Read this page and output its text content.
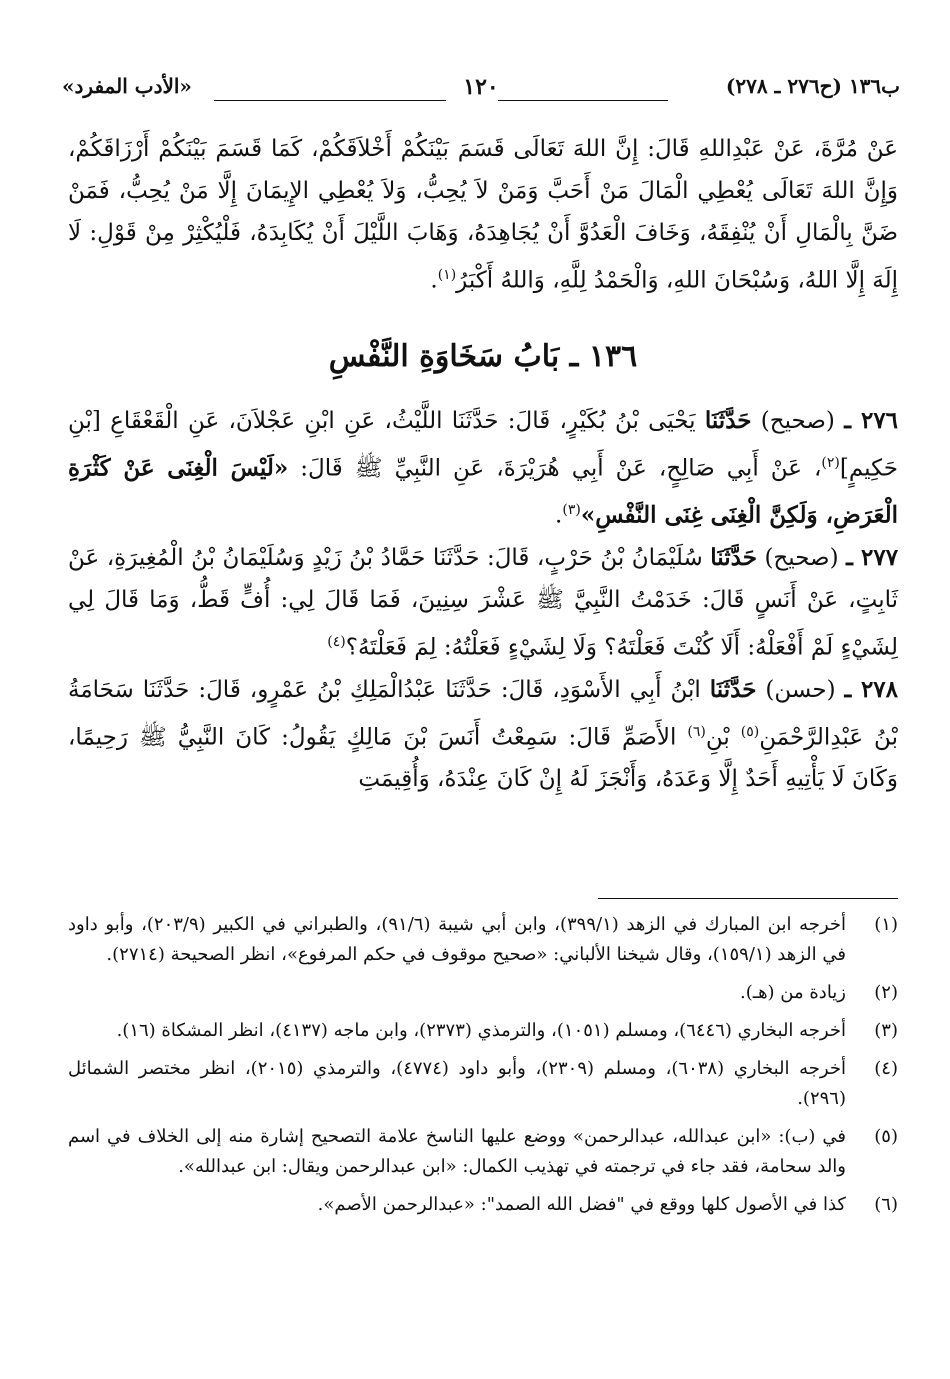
ب١٣٦ (ح٢٧٦ ـ ٢٧٨)
١٢٠
«الأدب المفرد»

عَنْ مُرَّةَ، عَنْ عَبْدِاللهِ قَالَ: إِنَّ اللهَ تَعَالَى قَسَمَ بَيْنَكُمْ أَخْلاَقَكُمْ، كَمَا قَسَمَ بَيْنَكُمْ أَرْزَاقَكُمْ، وَإِنَّ اللهَ تَعَالَى يُعْطِي الْمَالَ مَنْ أَحَبَّ وَمَنْ لاَ يُحِبُّ، وَلاَ يُعْطِي الإِيمَانَ إِلَّا مَنْ يُحِبُّ، فَمَنْ ضَنَّ بِالْمَالِ أَنْ يُنْفِقَهُ، وَخَافَ الْعَدُوَّ أَنْ يُجَاهِدَهُ، وَهَابَ اللَّيْلَ أَنْ يُكَابِدَهُ، فَلْيُكْثِرْ مِنْ قَوْلِ: لَا إِلَهَ إِلَّا اللهُ، وَسُبْحَانَ اللهِ، وَالْحَمْدُ لِلَّهِ، وَاللهُ أَكْبَرُ$^{(١)}$.

١٣٦ ـ بَابُ سَخَاوَةِ النَّفْسِ

٢٧٦ ـ (صحيح) حَدَّثَنَا يَحْيَى بْنُ بُكَيْرٍ، قَالَ: حَدَّثَنَا اللَّيْثُ، عَنِ ابْنِ عَجْلاَنَ، عَنِ الْقَعْقَاعِ [بْنِ حَكِيمٍ]$^{(٢)}$، عَنْ أَبِي صَالِحٍ، عَنْ أَبِي هُرَيْرَةَ، عَنِ النَّبِيِّ ﷺ قَالَ: «لَيْسَ الْغِنَى عَنْ كَثْرَةِ الْعَرَضِ، وَلَكِنَّ الْغِنَى غِنَى النَّفْسِ»$^{(٣)}$.

٢٧٧ ـ (صحيح) حَدَّثَنَا سُلَيْمَانُ بْنُ حَرْبٍ، قَالَ: حَدَّثَنَا حَمَّادُ بْنُ زَيْدٍ وَسُلَيْمَانُ بْنُ الْمُغِيرَةِ، عَنْ ثَابِتٍ، عَنْ أَنَسٍ قَالَ: خَدَمْتُ النَّبِيَّ ﷺ عَشْرَ سِنِينَ، فَمَا قَالَ لِي: أُفٍّ قَطُّ، وَمَا قَالَ لِي لِشَيْءٍ لَمْ أَفْعَلْهُ: أَلَا كُنْتَ فَعَلْتَهُ؟ وَلَا لِشَيْءٍ فَعَلْتُهُ: لِمَ فَعَلْتَهُ؟$^{(٤)}$

٢٧٨ ـ (حسن) حَدَّثَنَا ابْنُ أَبِي الأَسْوَدِ، قَالَ: حَدَّثَنَا عَبْدُالْمَلِكِ بْنُ عَمْرٍو، قَالَ: حَدَّثَنَا سَحَامَةُ بْنُ عَبْدِالرَّحْمَنِ$^{(٥)}$ بْنِ$^{(٦)}$ الأَصَمِّ قَالَ: سَمِعْتُ أَنَسَ بْنَ مَالِكٍ يَقُولُ: كَانَ النَّبِيُّ ﷺ رَحِيمًا، وَكَانَ لَا يَأْتِيهِ أَحَدٌ إِلَّا وَعَدَهُ، وَأَنْجَزَ لَهُ إِنْ كَانَ عِنْدَهُ، وَأُقِيمَتِ

(١)
أخرجه ابن المبارك في الزهد (٣٩٩/١)، وابن أبي شيبة (٩١/٦)، والطبراني في الكبير (٢٠٣/٩)، وأبو داود في الزهد (١٥٩/١)، وقال شيخنا الألباني: «صحيح موقوف في حكم المرفوع»، انظر الصحيحة (٢٧١٤).
(٢)
زيادة من (هـ).
(٣)
أخرجه البخاري (٦٤٤٦)، ومسلم (١٠٥١)، والترمذي (٢٣٧٣)، وابن ماجه (٤١٣٧)، انظر المشكاة (١٦).
(٤)
أخرجه البخاري (٦٠٣٨)، ومسلم (٢٣٠٩)، وأبو داود (٤٧٧٤)، والترمذي (٢٠١٥)، انظر مختصر الشمائل (٢٩٦).
(٥)
في (ب): «ابن عبدالله، عبدالرحمن» ووضع عليها الناسخ علامة التصحيح إشارة منه إلى الخلاف في اسم والد سحامة، فقد جاء في ترجمته في تهذيب الكمال: «ابن عبدالرحمن ويقال: ابن عبدالله».
(٦)
كذا في الأصول كلها ووقع في "فضل الله الصمد": «عبدالرحمن الأصم».
